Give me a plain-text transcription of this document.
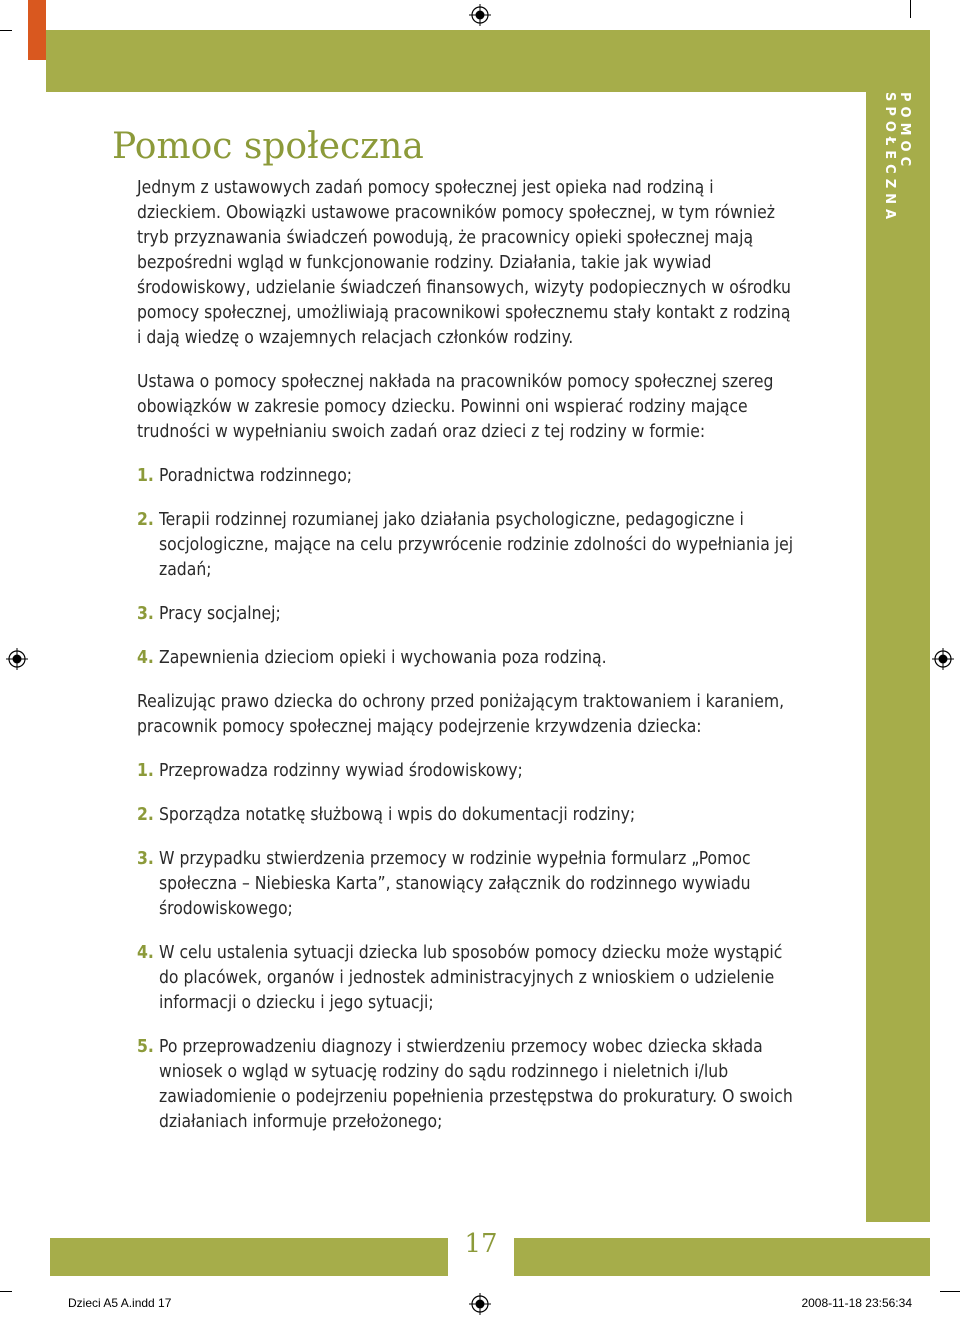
POMOC SPOŁECZNA
Pomoc społeczna

Jednym z ustawowych zadań pomocy społecznej jest opieka nad rodziną i dzieckiem. Obowiązki ustawowe pracowników pomocy społecznej, w tym również tryb przyznawania świadczeń powodują, że pracownicy opieki społecznej mają bezpośredni wgląd w funkcjonowanie rodziny. Działania, takie jak wywiad środowiskowy, udzielanie świadczeń finansowych, wizyty podopiecznych w ośrodku pomocy społecznej, umożliwiają pracownikowi społecznemu stały kontakt z rodziną i dają wiedzę o wzajemnych relacjach członków rodziny.

Ustawa o pomocy społecznej nakłada na pracowników pomocy społecznej szereg obowiązków w zakresie pomocy dziecku. Powinni oni wspierać rodziny mające trudności w wypełnianiu swoich zadań oraz dzieci z tej rodziny w formie:

1. Poradnictwa rodzinnego;
2. Terapii rodzinnej rozumianej jako działania psychologiczne, pedagogiczne i socjologiczne, mające na celu przywrócenie rodzinie zdolności do wypełniania jej zadań;
3. Pracy socjalnej;
4. Zapewnienia dzieciom opieki i wychowania poza rodziną.

Realizując prawo dziecka do ochrony przed poniżającym traktowaniem i karaniem, pracownik pomocy społecznej mający podejrzenie krzywdzenia dziecka:

1. Przeprowadza rodzinny wywiad środowiskowy;
2. Sporządza notatkę służbową i wpis do dokumentacji rodziny;
3. W przypadku stwierdzenia przemocy w rodzinie wypełnia formularz „Pomoc społeczna – Niebieska Karta”, stanowiący załącznik do rodzinnego wywiadu środowiskowego;
4. W celu ustalenia sytuacji dziecka lub sposobów pomocy dziecku może wystąpić do placówek, organów i jednostek administracyjnych z wnioskiem o udzielenie informacji o dziecku i jego sytuacji;
5. Po przeprowadzeniu diagnozy i stwierdzeniu przemocy wobec dziecka składa wniosek o wgląd w sytuację rodziny do sądu rodzinnego i nieletnich i/lub zawiadomienie o podejrzeniu popełnienia przestępstwa do prokuratury. O swoich działaniach informuje przełożonego;
17
Dzieci A5 A.indd 17	2008-11-18 23:56:34
